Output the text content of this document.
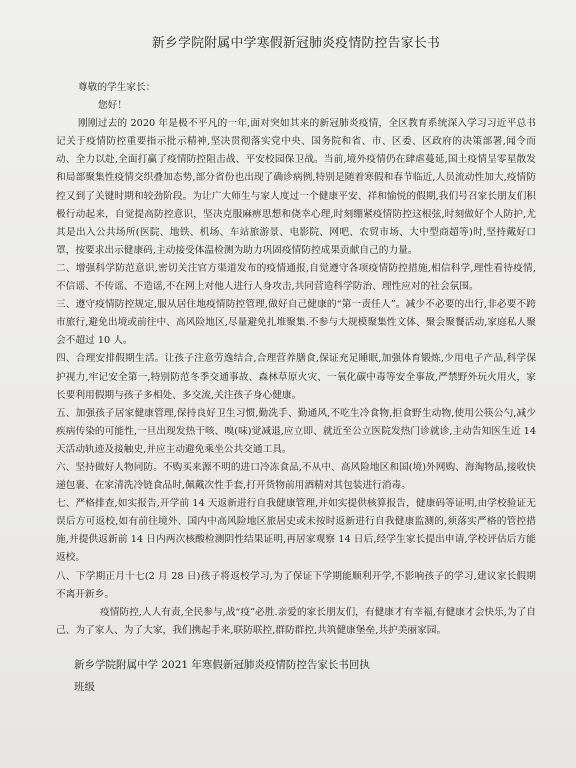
新乡学院附属中学寒假新冠肺炎疫情防控告家长书

尊敬的学生家长：

您好！

刚刚过去的 2020 年是极不平凡的一年,面对突如其来的新冠肺炎疫情，全区教育系统深入学习习近平总书记关于疫情防控重要指示批示精神,坚决贯彻落实党中央、国务院和省、市、区委、区政府的决策部署,闻令而动、全力以赴,全面打赢了疫情防控阻击战、平安校园保卫战。当前,境外疫情仍在肆虐蔓延,国土疫情呈零星散发和局部聚集性疫情交织叠加态势,部分省份也出现了确诊病例,特别是随着寒假和春节临近,人员流动性加大,疫情防控又到了关键时期和较劲阶段。为让广大师生与家人度过一个健康平安、祥和愉悦的假期,我们号召家长朋友们积极行动起来，自觉提高防控意识，坚决克服麻痹思想和侥幸心理,时刻绷紧疫情防控这根弦,时刻做好个人防护,尤其是出入公共场所(医院、地铁、机场、车站旅游景、电影院、网吧、农贸市场、大中型商超等)时,坚持戴好口罩，按要求出示健康码,主动接受体温检测为助力巩固疫情防控成果贡献自己的力量。

二、增强科学防范意识,密切关注官方渠道发布的疫情通报,自觉遵守各项疫情防控措施,相信科学,理性看待疫情,不信谣、不传谣、不造谣,不在网上对他人进行人身攻击,共同营造科学防治、理性应对的社会氛围。

三、遵守疫情防控规定,服从居住地疫情防控管理,做好自己健康的“第一责任人”。减少不必要的出行,非必要不跨市旅行,避免出境或前往中、高风险地区,尽量避免扎堆聚集.不参与大规模聚集性文体、聚会聚餐活动,家庭私人聚会不超过 10 人。

四、合理安排假期生活。让孩子注意劳逸结合,合理营养膳食,保证充足睡眠,加强体育锻炼,少用电子产品,科学保护视力,牢记安全第一,特别防范冬季交通事故、森林草原火灾、一氧化碳中毒等安全事故,严禁野外玩火用火，家长要利用假期与孩子多相处、多交流,关注孩子身心健康。

五、加强孩子居家健康管理,保持良好卫生习惯,勤洗手、勤通风,不吃生冷食物,拒食野生动物,使用公筷公勺,减少疾病传染的可能性,一旦出现发热干咳、嗅(味)觉减退,应立即、就近至公立医院发热门诊就诊,主动告知医生近 14 天活动轨迹及接触史,并应主动避免乘坐公共交通工具。

六、坚持做好人物同防。不购买来源不明的进口冷冻食品,不从中、高风险地区和国(境)外网购、海淘物品,接收快递包裹、在家清洗冷链食品时,佩戴次性手套,打开货物前用酒精对其包装进行消毒。

七、严格排查,如实报告,开学前 14 天返新进行自我健康管理,并如实提供核算报告，健康码等证明,由学校验证无误后方可返校,如有前往境外、国内中高风险地区旅居史或未按时返新进行自我健康监测的,须落实严格的管控措施,并提供返新前 14 日内两次核酸检测阴性结果证明,再居家观察 14 日后,经学生家长提出申请,学校评估后方能返校。

八、下学期正月十七(2 月 28 日)孩子将返校学习,为了保证下学期能顺利开学,不影响孩子的学习,建议家长假期不离开新乡。

疫情防控,人人有责,全民参与,战“疫”必胜.亲爱的家长朋友们，有健康才有幸福,有健康才会快乐,为了自己、为了家人、为了大家，我们携起手来,联防联控,群防群控,共筑健康堡垒,共护美丽家园。

新乡学院附属中学 2021 年寒假新冠肺炎疫情防控告家长书回执

班级
